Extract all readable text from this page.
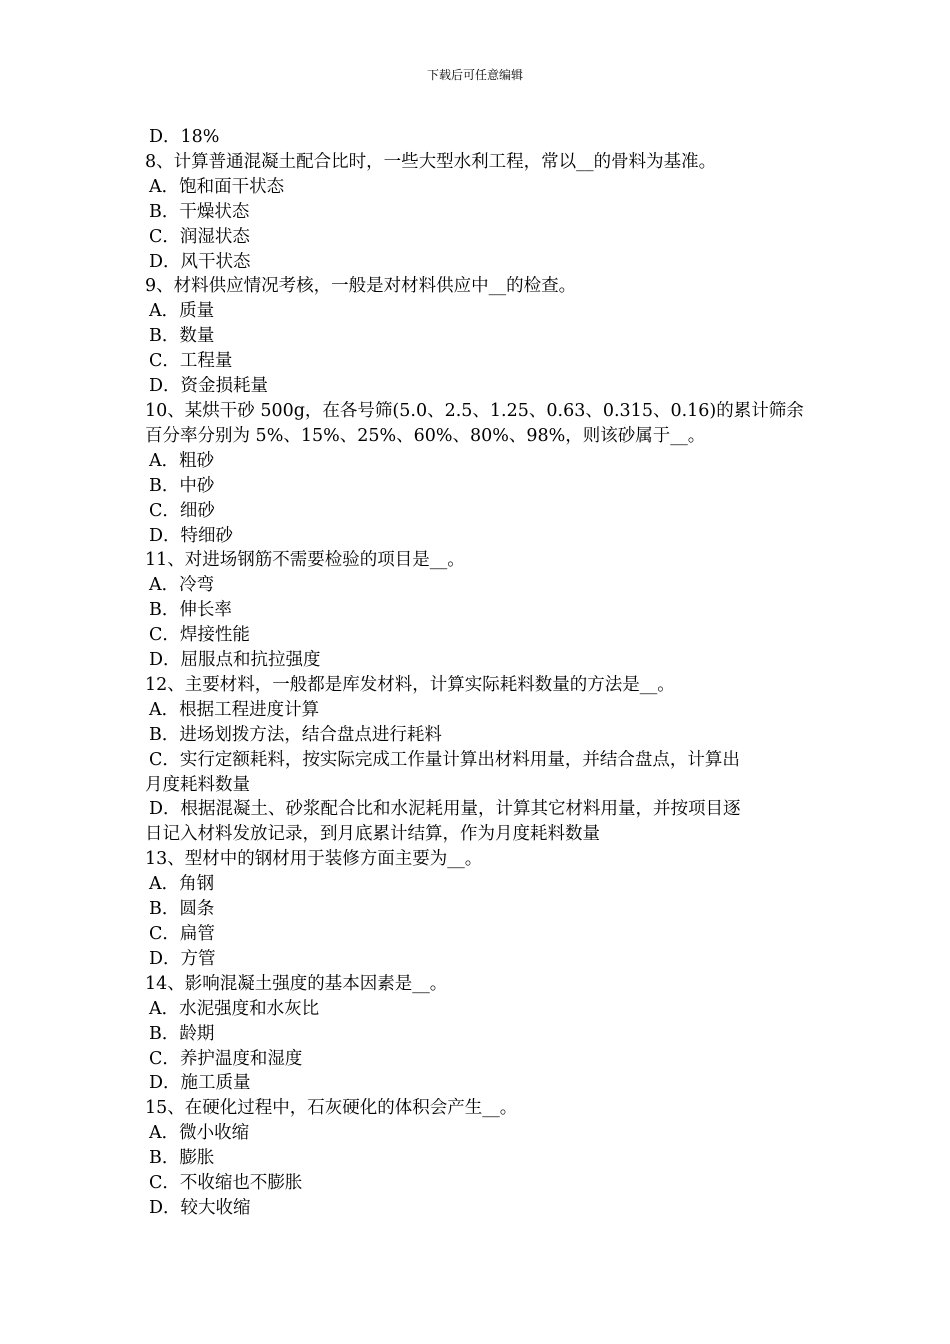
下载后可任意编辑
D．18%
8、计算普通混凝土配合比时，一些大型水利工程，常以__的骨料为基准。
A．饱和面干状态
B．干燥状态
C．润湿状态
D．风干状态
9、材料供应情况考核，一般是对材料供应中__的检查。
A．质量
B．数量
C．工程量
D．资金损耗量
10、某烘干砂 500g，在各号筛(5.0、2.5、1.25、0.63、0.315、0.16)的累计筛余
百分率分别为 5%、15%、25%、60%、80%、98%，则该砂属于__。
A．粗砂
B．中砂
C．细砂
D．特细砂
11、对进场钢筋不需要检验的项目是__。
A．冷弯
B．伸长率
C．焊接性能
D．屈服点和抗拉强度
12、主要材料，一般都是库发材料，计算实际耗料数量的方法是__。
A．根据工程进度计算
B．进场划拨方法，结合盘点进行耗料
C．实行定额耗料，按实际完成工作量计算出材料用量，并结合盘点，计算出
月度耗料数量
D．根据混凝土、砂浆配合比和水泥耗用量，计算其它材料用量，并按项目逐
日记入材料发放记录，到月底累计结算，作为月度耗料数量
13、型材中的钢材用于装修方面主要为__。
A．角钢
B．圆条
C．扁管
D．方管
14、影响混凝土强度的基本因素是__。
A．水泥强度和水灰比
B．龄期
C．养护温度和湿度
D．施工质量
15、在硬化过程中，石灰硬化的体积会产生__。
A．微小收缩
B．膨胀
C．不收缩也不膨胀
D．较大收缩
